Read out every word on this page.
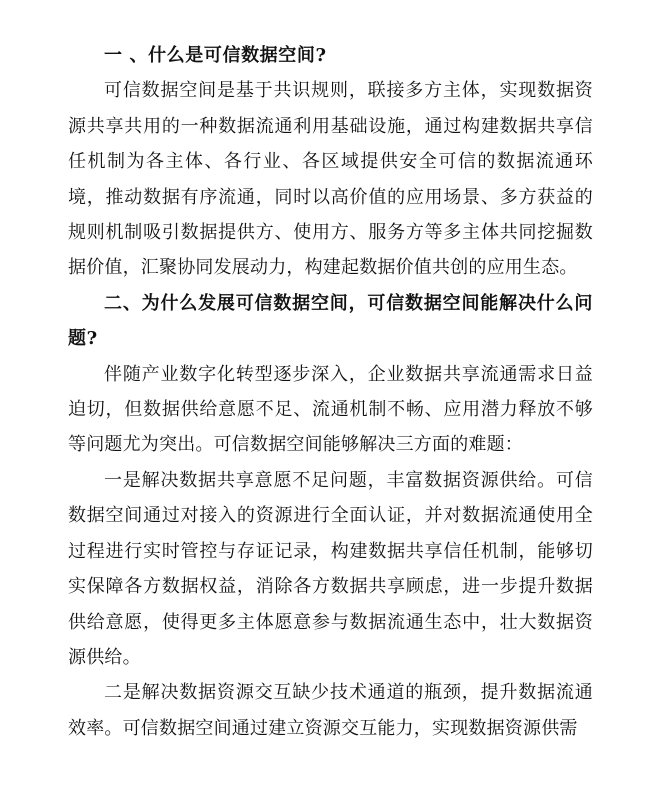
一 、什么是可信数据空间?

可信数据空间是基于共识规则，联接多方主体，实现数据资源共享共用的一种数据流通利用基础设施，通过构建数据共享信任机制为各主体、各行业、各区域提供安全可信的数据流通环境，推动数据有序流通，同时以高价值的应用场景、多方获益的规则机制吸引数据提供方、使用方、服务方等多主体共同挖掘数据价值，汇聚协同发展动力，构建起数据价值共创的应用生态。

二、为什么发展可信数据空间，可信数据空间能解决什么问题?

伴随产业数字化转型逐步深入，企业数据共享流通需求日益迫切，但数据供给意愿不足、流通机制不畅、应用潜力释放不够等问题尤为突出。可信数据空间能够解决三方面的难题：

一是解决数据共享意愿不足问题，丰富数据资源供给。可信数据空间通过对接入的资源进行全面认证，并对数据流通使用全过程进行实时管控与存证记录，构建数据共享信任机制，能够切实保障各方数据权益，消除各方数据共享顾虑，进一步提升数据供给意愿，使得更多主体愿意参与数据流通生态中，壮大数据资源供给。

二是解决数据资源交互缺少技术通道的瓶颈，提升数据流通效率。可信数据空间通过建立资源交互能力，实现数据资源供需
